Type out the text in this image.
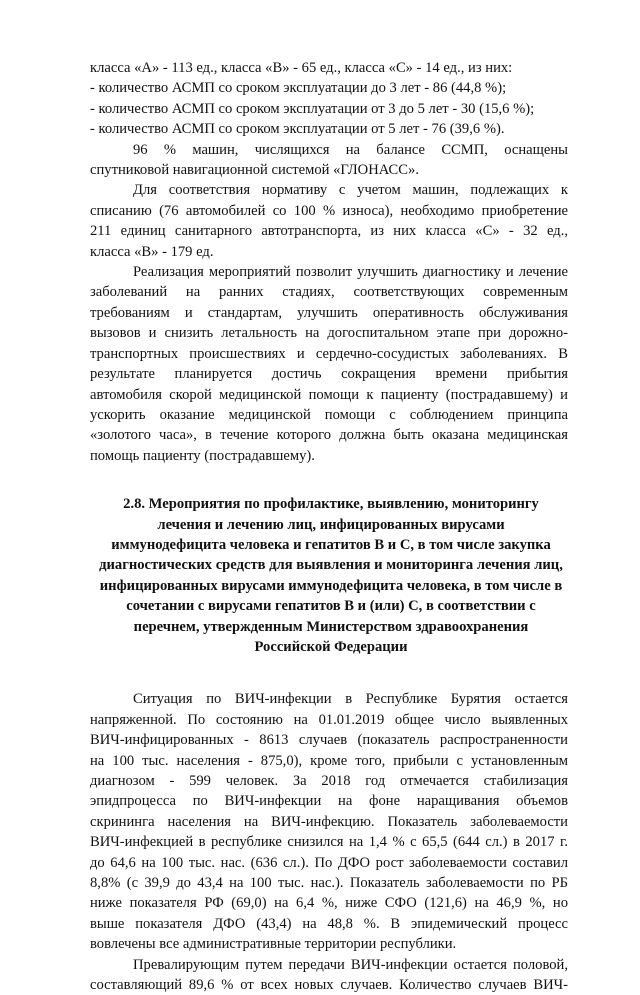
класса «А» - 113 ед., класса «В» - 65 ед., класса «С» - 14 ед., из них:
- количество АСМП со сроком эксплуатации до 3 лет - 86 (44,8 %);
- количество АСМП со сроком эксплуатации от 3 до 5 лет - 30 (15,6 %);
- количество АСМП со сроком эксплуатации от 5 лет - 76 (39,6 %).
96 % машин, числящихся на балансе ССМП, оснащены
спутниковой навигационной системой «ГЛОНАСС».
Для соответствия нормативу с учетом машин, подлежащих к
списанию (76 автомобилей со 100 % износа), необходимо приобретение
211 единиц санитарного автотранспорта, из них класса «С» - 32 ед.,
класса «В» - 179 ед.
Реализация мероприятий позволит улучшить диагностику и лечение
заболеваний на ранних стадиях, соответствующих современным
требованиям и стандартам, улучшить оперативность обслуживания
вызовов и снизить летальность на догоспитальном этапе при дорожно-
транспортных происшествиях и сердечно-сосудистых заболеваниях. В
результате планируется достичь сокращения времени прибытия
автомобиля скорой медицинской помощи к пациенту (пострадавшему) и
ускорить оказание медицинской помощи с соблюдением принципа
«золотого часа», в течение которого должна быть оказана медицинская
помощь пациенту (пострадавшему).
2.8. Мероприятия по профилактике, выявлению, мониторингу
лечения и лечению лиц, инфицированных вирусами
иммунодефицита человека и гепатитов B и C, в том числе закупка
диагностических средств для выявления и мониторинга лечения лиц,
инфицированных вирусами иммунодефицита человека, в том числе в
сочетании с вирусами гепатитов B и (или) C, в соответствии с
перечнем, утвержденным Министерством здравоохранения
Российской Федерации
Ситуация по ВИЧ-инфекции в Республике Бурятия остается
напряженной. По состоянию на 01.01.2019 общее число выявленных
ВИЧ-инфицированных - 8613 случаев (показатель распространенности
на 100 тыс. населения - 875,0), кроме того, прибыли с установленным
диагнозом - 599 человек. За 2018 год отмечается стабилизация
эпидпроцесса по ВИЧ-инфекции на фоне наращивания объемов
скрининга населения на ВИЧ-инфекцию. Показатель заболеваемости
ВИЧ-инфекцией в республике снизился на 1,4 % с 65,5 (644 сл.) в 2017 г.
до 64,6 на 100 тыс. нас. (636 сл.). По ДФО рост заболеваемости составил
8,8% (с 39,9 до 43,4 на 100 тыс. нас.). Показатель заболеваемости по РБ
ниже показателя РФ (69,0) на 6,4 %, ниже СФО (121,6) на 46,9 %, но
выше показателя ДФО (43,4) на 48,8 %. В эпидемический процесс
вовлечены все административные территории республики.
Превалирующим путем передачи ВИЧ-инфекции остается половой,
составляющий 89,6 % от всех новых случаев. Количество случаев ВИЧ-
